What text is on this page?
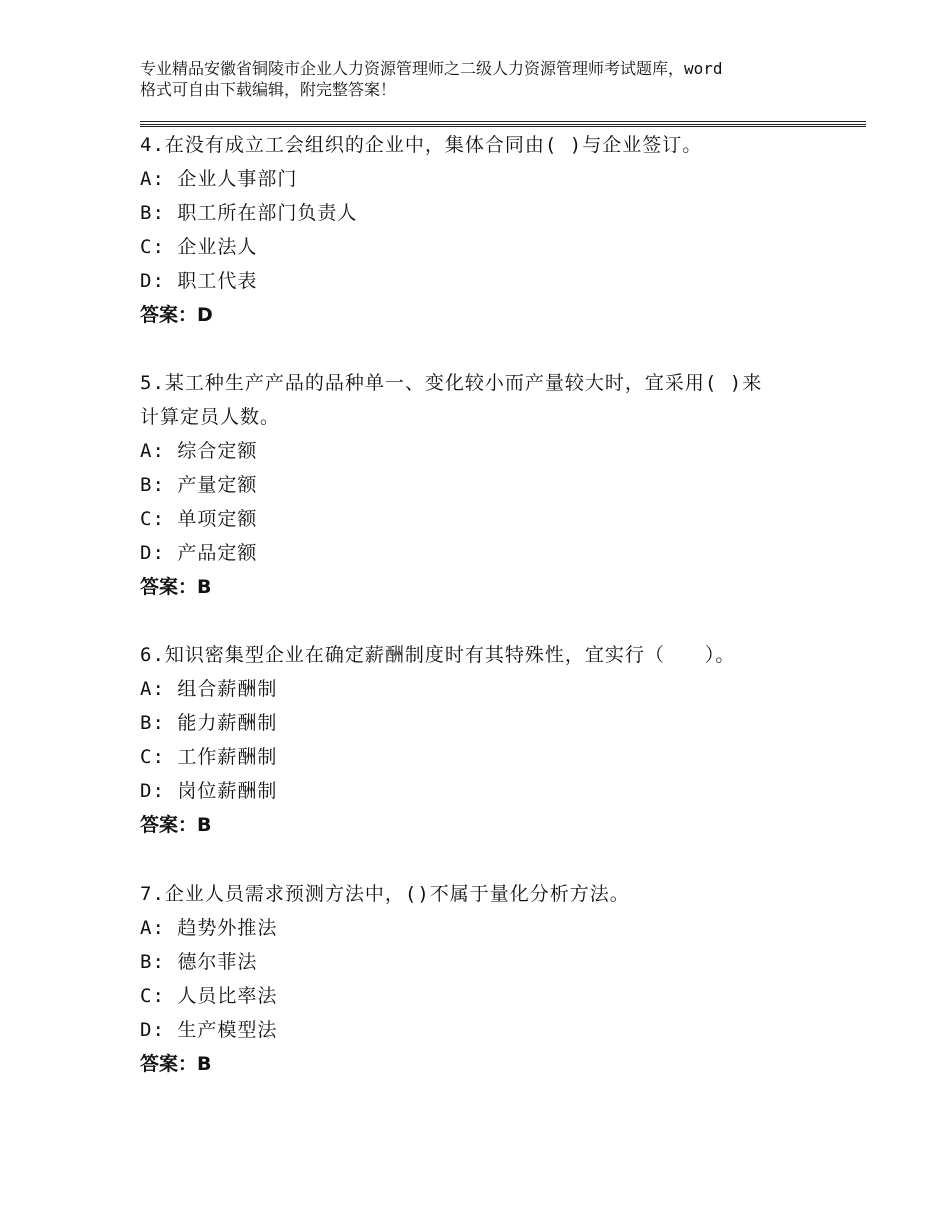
专业精品安徽省铜陵市企业人力资源管理师之二级人力资源管理师考试题库，word
格式可自由下载编辑，附完整答案！

4.在没有成立工会组织的企业中，集体合同由( )与企业签订。

A: 企业人事部门

B: 职工所在部门负责人

C: 企业法人

D: 职工代表

答案：D

5.某工种生产产品的品种单一、变化较小而产量较大时，宜采用( )来

计算定员人数。

A: 综合定额

B: 产量定额

C: 单项定额

D: 产品定额

答案：B

6.知识密集型企业在确定薪酬制度时有其特殊性，宜实行（　　）。

A: 组合薪酬制

B: 能力薪酬制

C: 工作薪酬制

D: 岗位薪酬制

答案：B

7.企业人员需求预测方法中，()不属于量化分析方法。

A: 趋势外推法

B: 德尔菲法

C: 人员比率法

D: 生产模型法

答案：B
